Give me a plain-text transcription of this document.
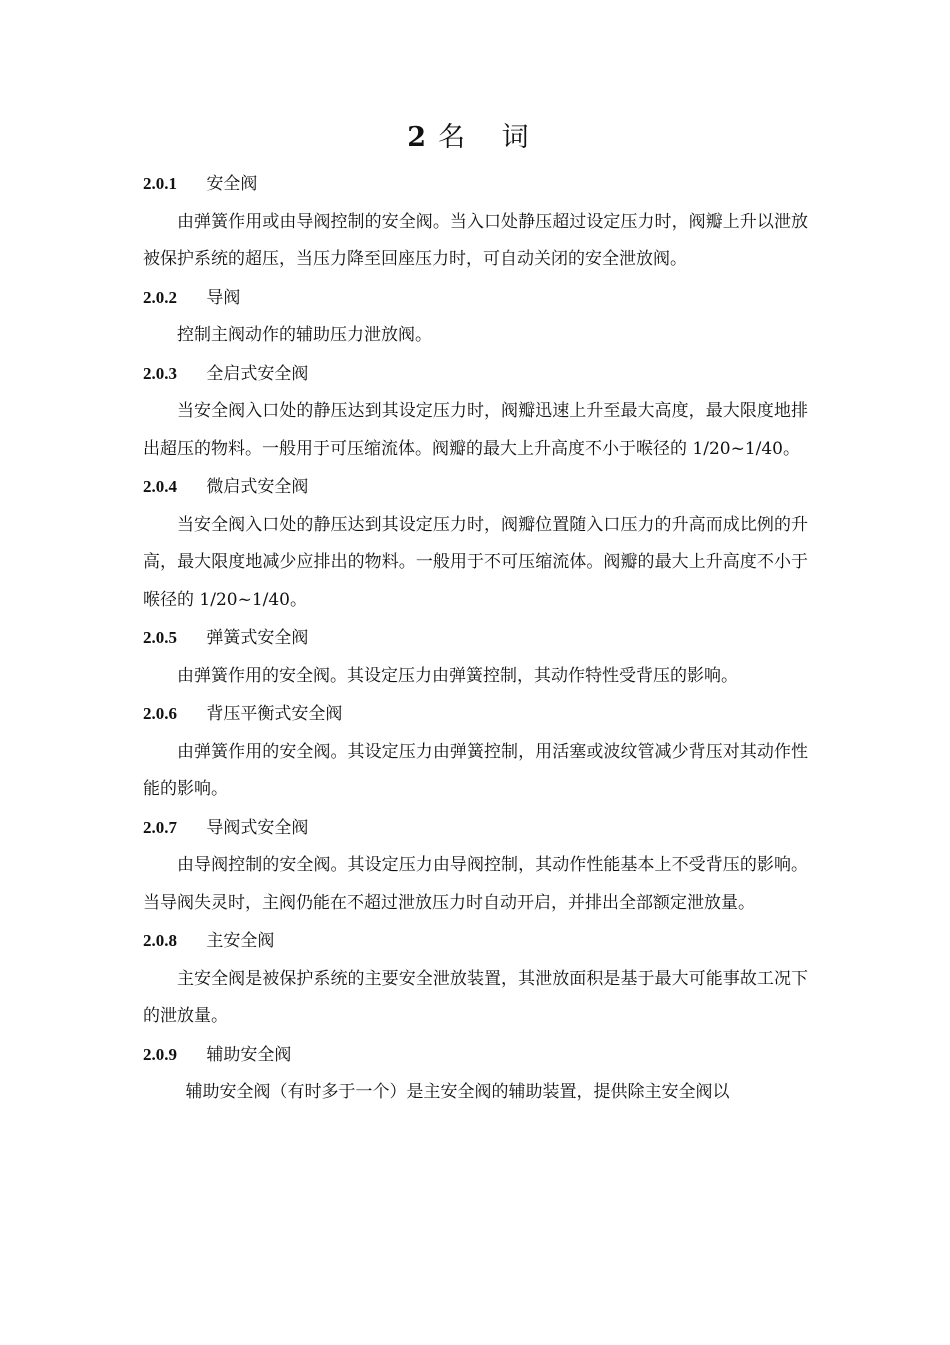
2 名 词
2.0.1 安全阀

由弹簧作用或由导阀控制的安全阀。当入口处静压超过设定压力时，阀瓣上升以泄放被保护系统的超压，当压力降至回座压力时，可自动关闭的安全泄放阀。

2.0.2 导阀

控制主阀动作的辅助压力泄放阀。

2.0.3 全启式安全阀

当安全阀入口处的静压达到其设定压力时，阀瓣迅速上升至最大高度，最大限度地排出超压的物料。一般用于可压缩流体。阀瓣的最大上升高度不小于喉径的 1/20~1/40。

2.0.4 微启式安全阀

当安全阀入口处的静压达到其设定压力时，阀瓣位置随入口压力的升高而成比例的升高，最大限度地减少应排出的物料。一般用于不可压缩流体。阀瓣的最大上升高度不小于喉径的 1/20~1/40。

2.0.5 弹簧式安全阀

由弹簧作用的安全阀。其设定压力由弹簧控制，其动作特性受背压的影响。

2.0.6 背压平衡式安全阀

由弹簧作用的安全阀。其设定压力由弹簧控制，用活塞或波纹管减少背压对其动作性能的影响。

2.0.7 导阀式安全阀

由导阀控制的安全阀。其设定压力由导阀控制，其动作性能基本上不受背压的影响。当导阀失灵时，主阀仍能在不超过泄放压力时自动开启，并排出全部额定泄放量。

2.0.8 主安全阀

主安全阀是被保护系统的主要安全泄放装置，其泄放面积是基于最大可能事故工况下的泄放量。

2.0.9 辅助安全阀

辅助安全阀（有时多于一个）是主安全阀的辅助装置，提供除主安全阀以
